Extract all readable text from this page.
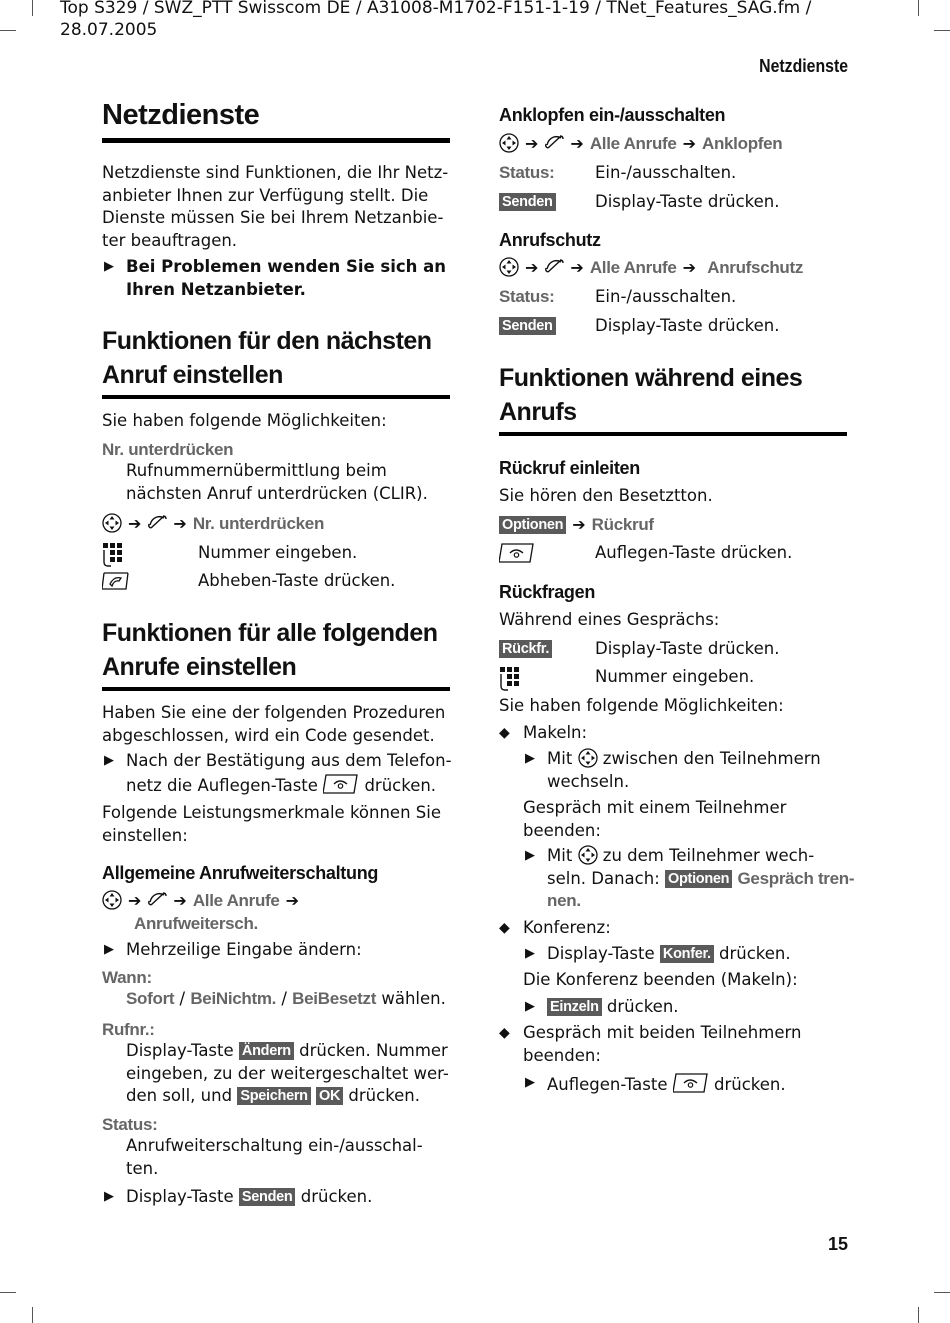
Top S329 / SWZ_PTT Swisscom DE / A31008-M1702-F151-1-19 / TNet_Features_SAG.fm /
28.07.2005
Netzdienste
15
Netzdienste
Netzdienste sind Funktionen, die Ihr Netz-
anbieter Ihnen zur Verfügung stellt. Die
Dienste müssen Sie bei Ihrem Netzanbie-
ter beauftragen.
▶ Bei Problemen wenden Sie sich an
Ihren Netzanbieter.
Funktionen für den nächsten
Anruf einstellen
Sie haben folgende Möglichkeiten:
Nr. unterdrücken
Rufnummernübermittlung beim
nächsten Anruf unterdrücken (CLIR).
➔ ➔ Nr. unterdrücken
Nummer eingeben.
Abheben-Taste drücken.
Funktionen für alle folgenden
Anrufe einstellen
Haben Sie eine der folgenden Prozeduren
abgeschlossen, wird ein Code gesendet.
▶ Nach der Bestätigung aus dem Telefon-
netz die Auflegen-Taste	drücken.
Folgende Leistungsmerkmale können Sie
einstellen:
Allgemeine Anrufweiterschaltung
➔ ➔ Alle Anrufe ➔
Anrufweitersch.
▶ Mehrzeilige Eingabe ändern:
Wann:
Sofort / BeiNichtm. / BeiBesetzt wählen.
Rufnr.:
Display-Taste Ändern drücken. Nummer
eingeben, zu der weitergeschaltet wer-
den soll, und Speichern OK drücken.
Status:
Anrufweiterschaltung ein-/ausschal-
ten.
▶ Display-Taste Senden drücken.
Anklopfen ein-/ausschalten
➔ ➔ Alle Anrufe ➔ Anklopfen
Status: Ein-/ausschalten.
Senden	Display-Taste drücken.
Anrufschutz
➔ ➔ Alle Anrufe ➔ Anrufschutz
Status: Ein-/ausschalten.
Senden	Display-Taste drücken.
Funktionen während eines
Anrufs
Rückruf einleiten
Sie hören den Besetztton.
Optionen ➔ Rückruf
Auflegen-Taste drücken.
Rückfragen
Während eines Gesprächs:
Rückfr.	Display-Taste drücken.
Nummer eingeben.
Sie haben folgende Möglichkeiten:
◆ Makeln:
▶ Mit zwischen den Teilnehmern
wechseln.
Gespräch mit einem Teilnehmer
beenden:
▶ Mit zu dem Teilnehmer wech-
seln. Danach: Optionen Gespräch tren-
nen.
◆ Konferenz:
▶ Display-Taste Konfer. drücken.
Die Konferenz beenden (Makeln):
▶ Einzeln drücken.
◆ Gespräch mit beiden Teilnehmern
beenden:
▶ Auflegen-Taste	drücken.
